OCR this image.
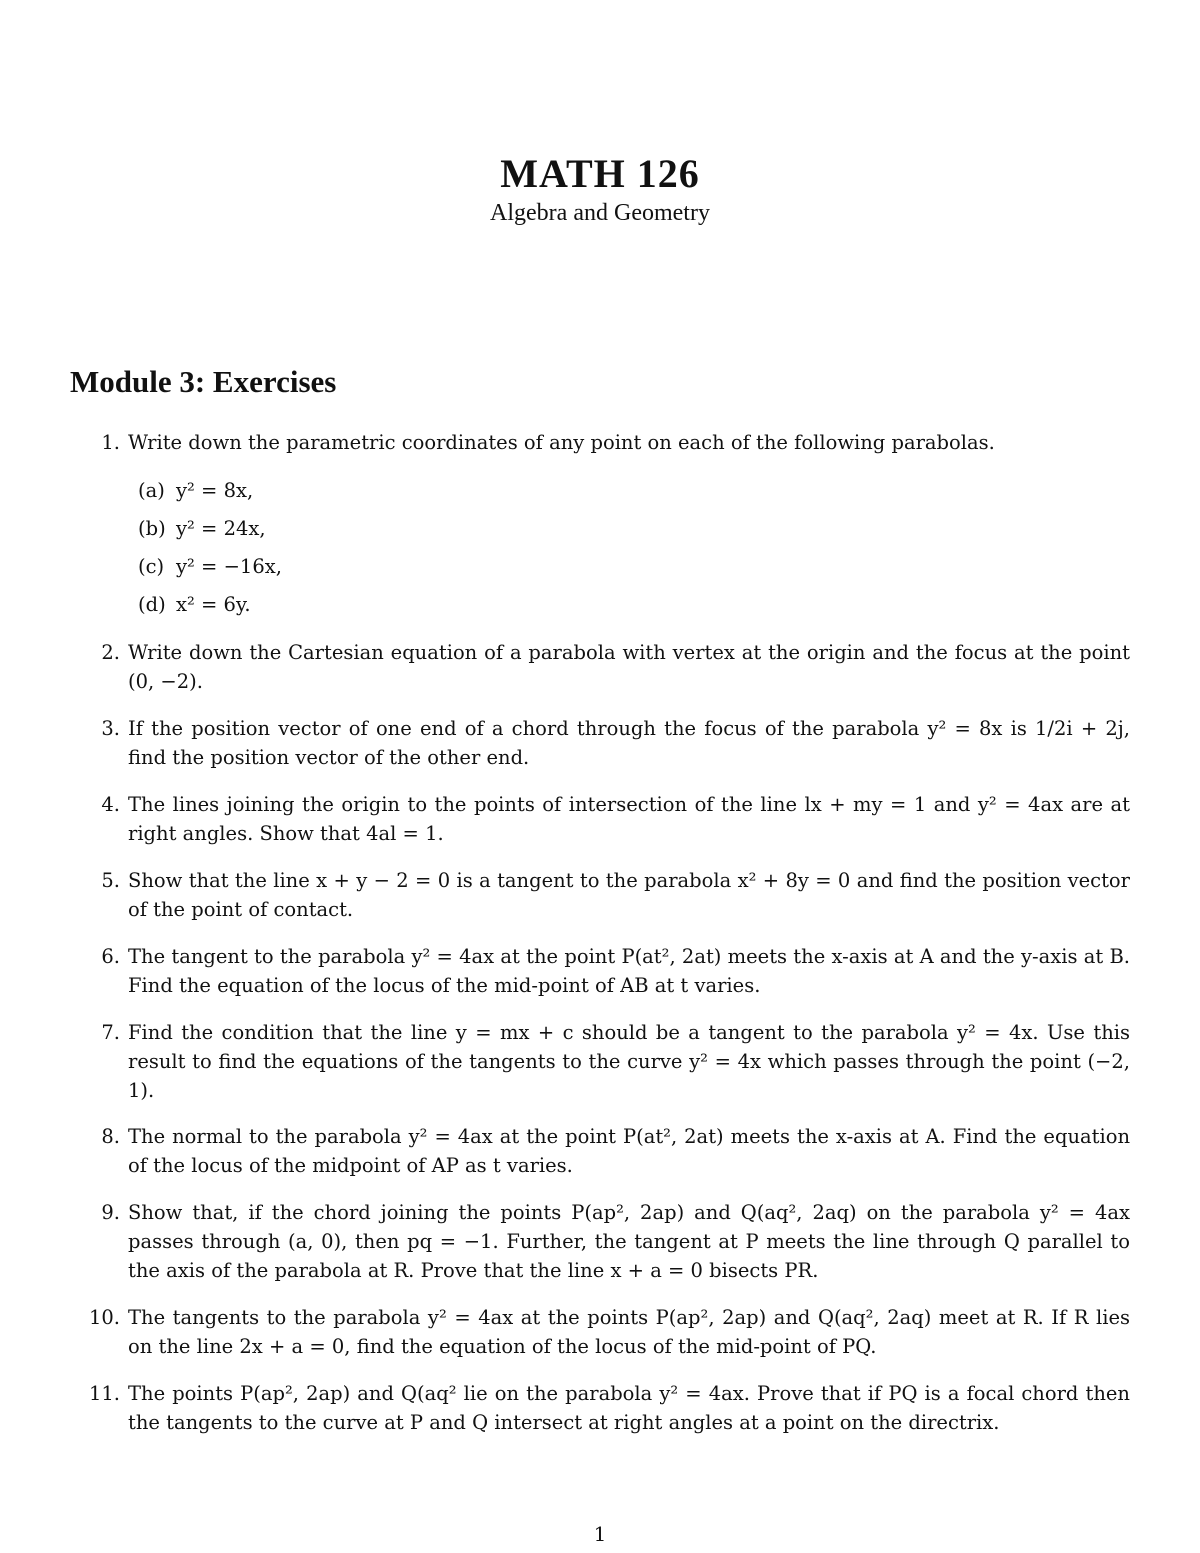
MATH 126
Algebra and Geometry
Module 3: Exercises
1. Write down the parametric coordinates of any point on each of the following parabolas.
(a) y² = 8x,
(b) y² = 24x,
(c) y² = −16x,
(d) x² = 6y.
2. Write down the Cartesian equation of a parabola with vertex at the origin and the focus at the point (0, −2).
3. If the position vector of one end of a chord through the focus of the parabola y² = 8x is 1/2i + 2j, find the position vector of the other end.
4. The lines joining the origin to the points of intersection of the line lx + my = 1 and y² = 4ax are at right angles. Show that 4al = 1.
5. Show that the line x + y − 2 = 0 is a tangent to the parabola x² + 8y = 0 and find the position vector of the point of contact.
6. The tangent to the parabola y² = 4ax at the point P(at², 2at) meets the x-axis at A and the y-axis at B. Find the equation of the locus of the mid-point of AB at t varies.
7. Find the condition that the line y = mx + c should be a tangent to the parabola y² = 4x. Use this result to find the equations of the tangents to the curve y² = 4x which passes through the point (−2, 1).
8. The normal to the parabola y² = 4ax at the point P(at², 2at) meets the x-axis at A. Find the equation of the locus of the midpoint of AP as t varies.
9. Show that, if the chord joining the points P(ap², 2ap) and Q(aq², 2aq) on the parabola y² = 4ax passes through (a, 0), then pq = −1. Further, the tangent at P meets the line through Q parallel to the axis of the parabola at R. Prove that the line x + a = 0 bisects PR.
10. The tangents to the parabola y² = 4ax at the points P(ap², 2ap) and Q(aq², 2aq) meet at R. If R lies on the line 2x + a = 0, find the equation of the locus of the mid-point of PQ.
11. The points P(ap², 2ap) and Q(aq² lie on the parabola y² = 4ax. Prove that if PQ is a focal chord then the tangents to the curve at P and Q intersect at right angles at a point on the directrix.
1
